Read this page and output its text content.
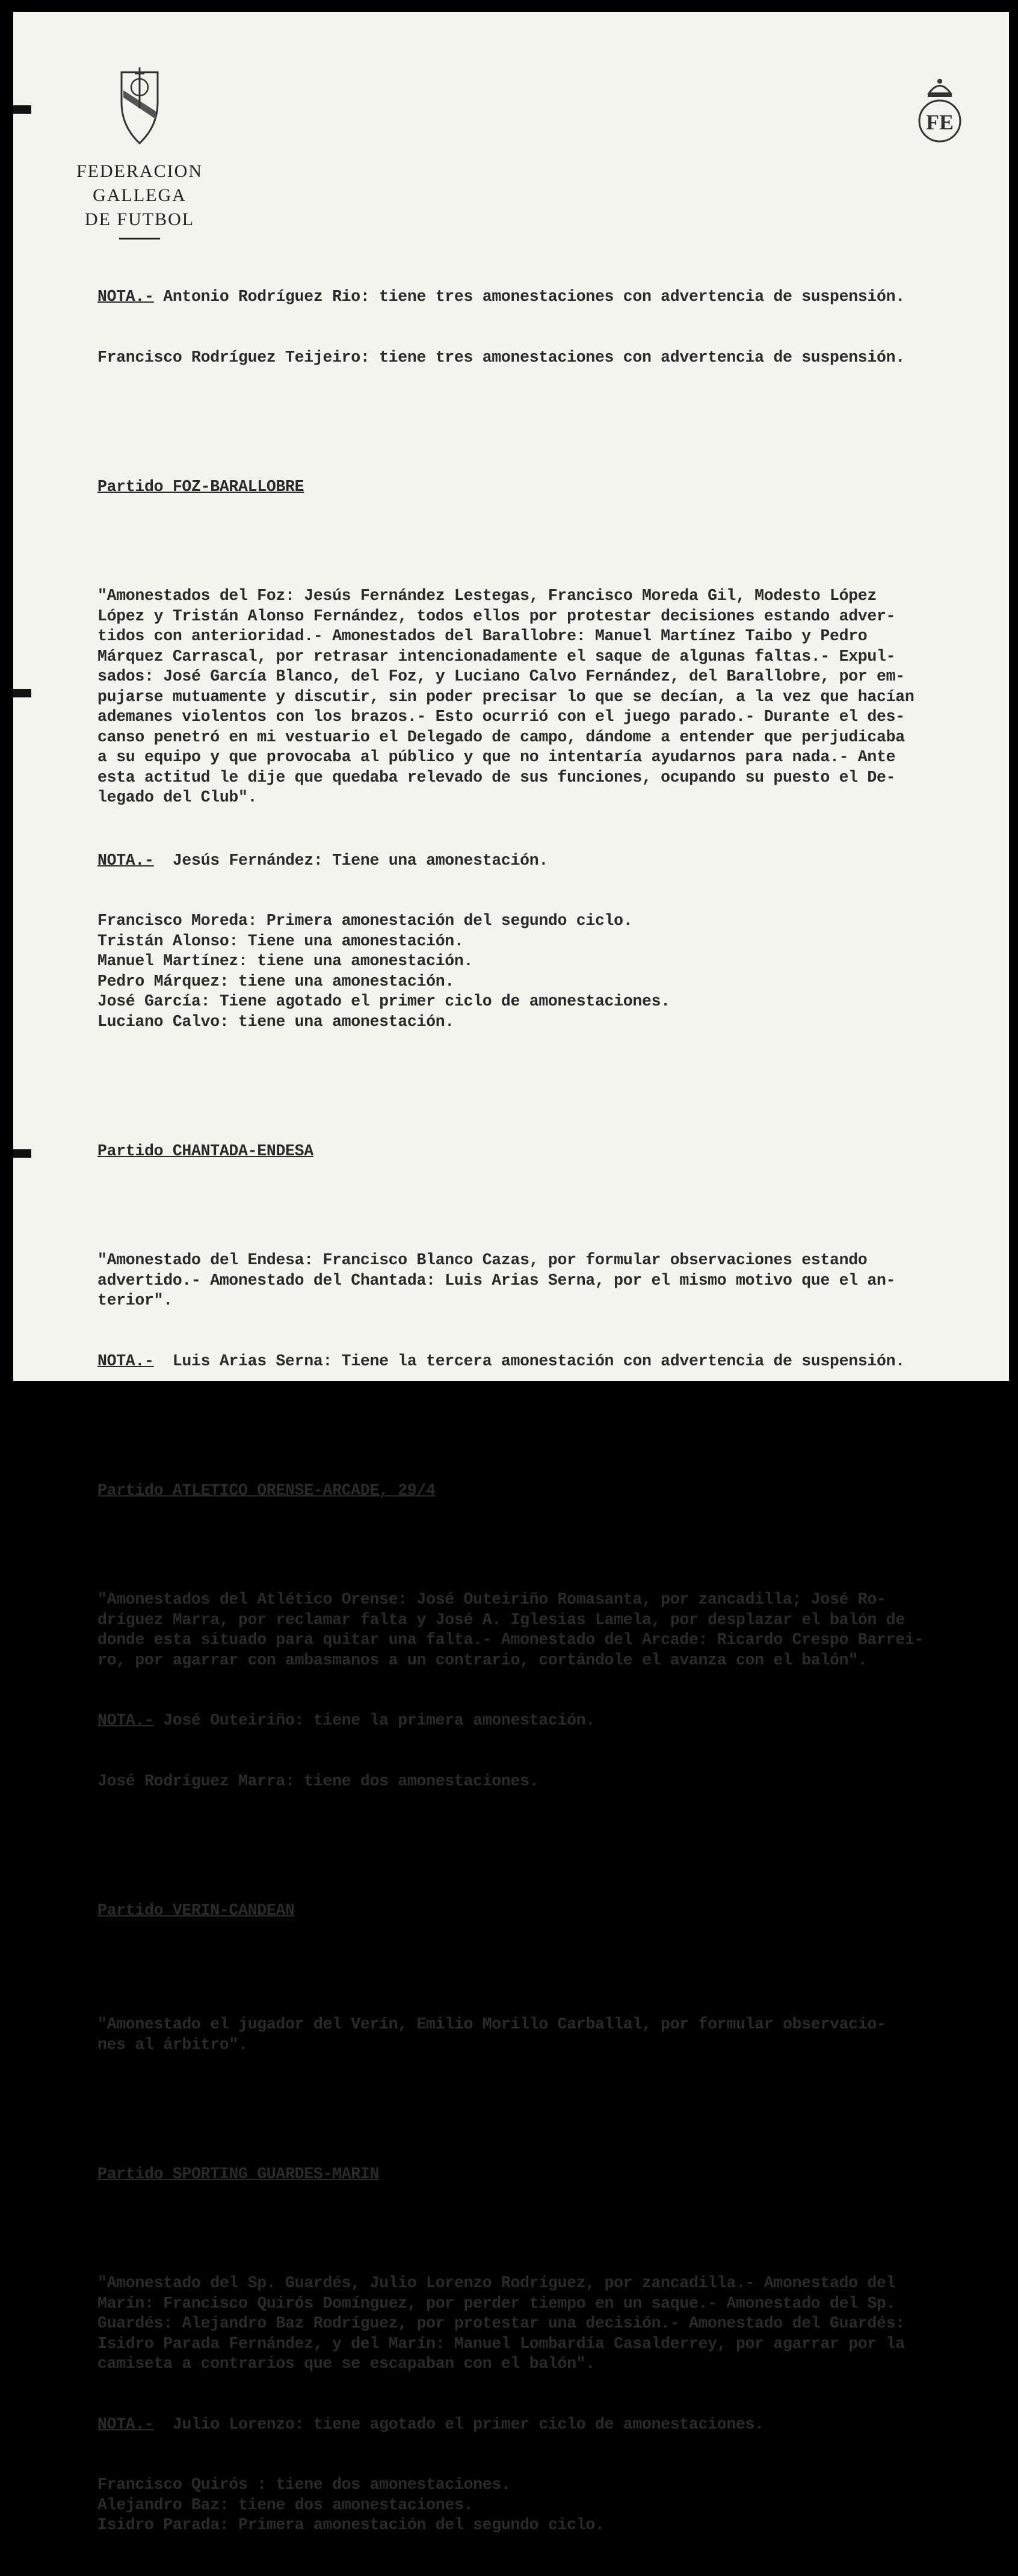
FEDERACION GALLEGA
DE FUTBOL
FE

NOTA.- Antonio Rodríguez Rio: tiene tres amonestaciones con advertencia de suspensión.

Francisco Rodríguez Teijeiro: tiene tres amonestaciones con advertencia de suspensión.

Partido FOZ-BARALLOBRE

"Amonestados del Foz: Jesús Fernández Lestegas, Francisco Moreda Gil, Modesto López
López y Tristán Alonso Fernández, todos ellos por protestar decisiones estando adver-
tidos con anterioridad.- Amonestados del Barallobre: Manuel Martínez Taibo y Pedro
Márquez Carrascal, por retrasar intencionadamente el saque de algunas faltas.- Expul-
sados: José García Blanco, del Foz, y Luciano Calvo Fernández, del Barallobre, por em-
pujarse mutuamente y discutir, sin poder precisar lo que se decían, a la vez que hacían
ademanes violentos con los brazos.- Esto ocurrió con el juego parado.- Durante el des-
canso penetró en mi vestuario el Delegado de campo, dándome a entender que perjudicaba
a su equipo y que provocaba al público y que no intentaría ayudarnos para nada.- Ante
esta actitud le dije que quedaba relevado de sus funciones, ocupando su puesto el De-
legado del Club".

NOTA.-  Jesús Fernández: Tiene una amonestación.

Francisco Moreda: Primera amonestación del segundo ciclo.
Tristán Alonso: Tiene una amonestación.
Manuel Martínez: tiene una amonestación.
Pedro Márquez: tiene una amonestación.
José García: Tiene agotado el primer ciclo de amonestaciones.
Luciano Calvo: tiene una amonestación.

Partido CHANTADA-ENDESA

"Amonestado del Endesa: Francisco Blanco Cazas, por formular observaciones estando
advertido.- Amonestado del Chantada: Luis Arias Serna, por el mismo motivo que el an-
terior".

NOTA.-  Luis Arias Serna: Tiene la tercera amonestación con advertencia de suspensión.

Partido ATLETICO ORENSE-ARCADE, 29/4

"Amonestados del Atlético Orense: José Outeiriño Romasanta, por zancadilla; José Ro-
dríguez Marra, por reclamar falta y José A. Iglesias Lamela, por desplazar el balón de
donde esta situado para quitar una falta.- Amonestado del Arcade: Ricardo Crespo Barrei-
ro, por agarrar con ambasmanos a un contrario, cortándole el avanza con el balón".

NOTA.- José Outeiriño: tiene la primera amonestación.

José Rodríguez Marra: tiene dos amonestaciones.

Partido VERIN-CANDEAN

"Amonestado el jugador del Verín, Emilio Morillo Carballal, por formular observacio-
nes al árbitro".

Partido SPORTING GUARDES-MARIN

"Amonestado del Sp. Guardés, Julio Lorenzo Rodríguez, por zancadilla.- Amonestado del
Marín: Francisco Quirós Domínguez, por perder tiempo en un saque.- Amonestado del Sp.
Guardés: Alejandro Baz Rodríguez, por protestar una decisión.- Amonestado del Guardés:
Isidro Parada Fernández, y del Marín: Manuel Lombardía Casalderrey, por agarrar por la
camiseta a contrarios que se escapaban con el balón".

NOTA.-  Julio Lorenzo: tiene agotado el primer ciclo de amonestaciones.

Francisco Quirós : tiene dos amonestaciones.
Alejandro Baz: tiene dos amonestaciones.
Isidro Parada: Primera amonestación del segundo ciclo.
